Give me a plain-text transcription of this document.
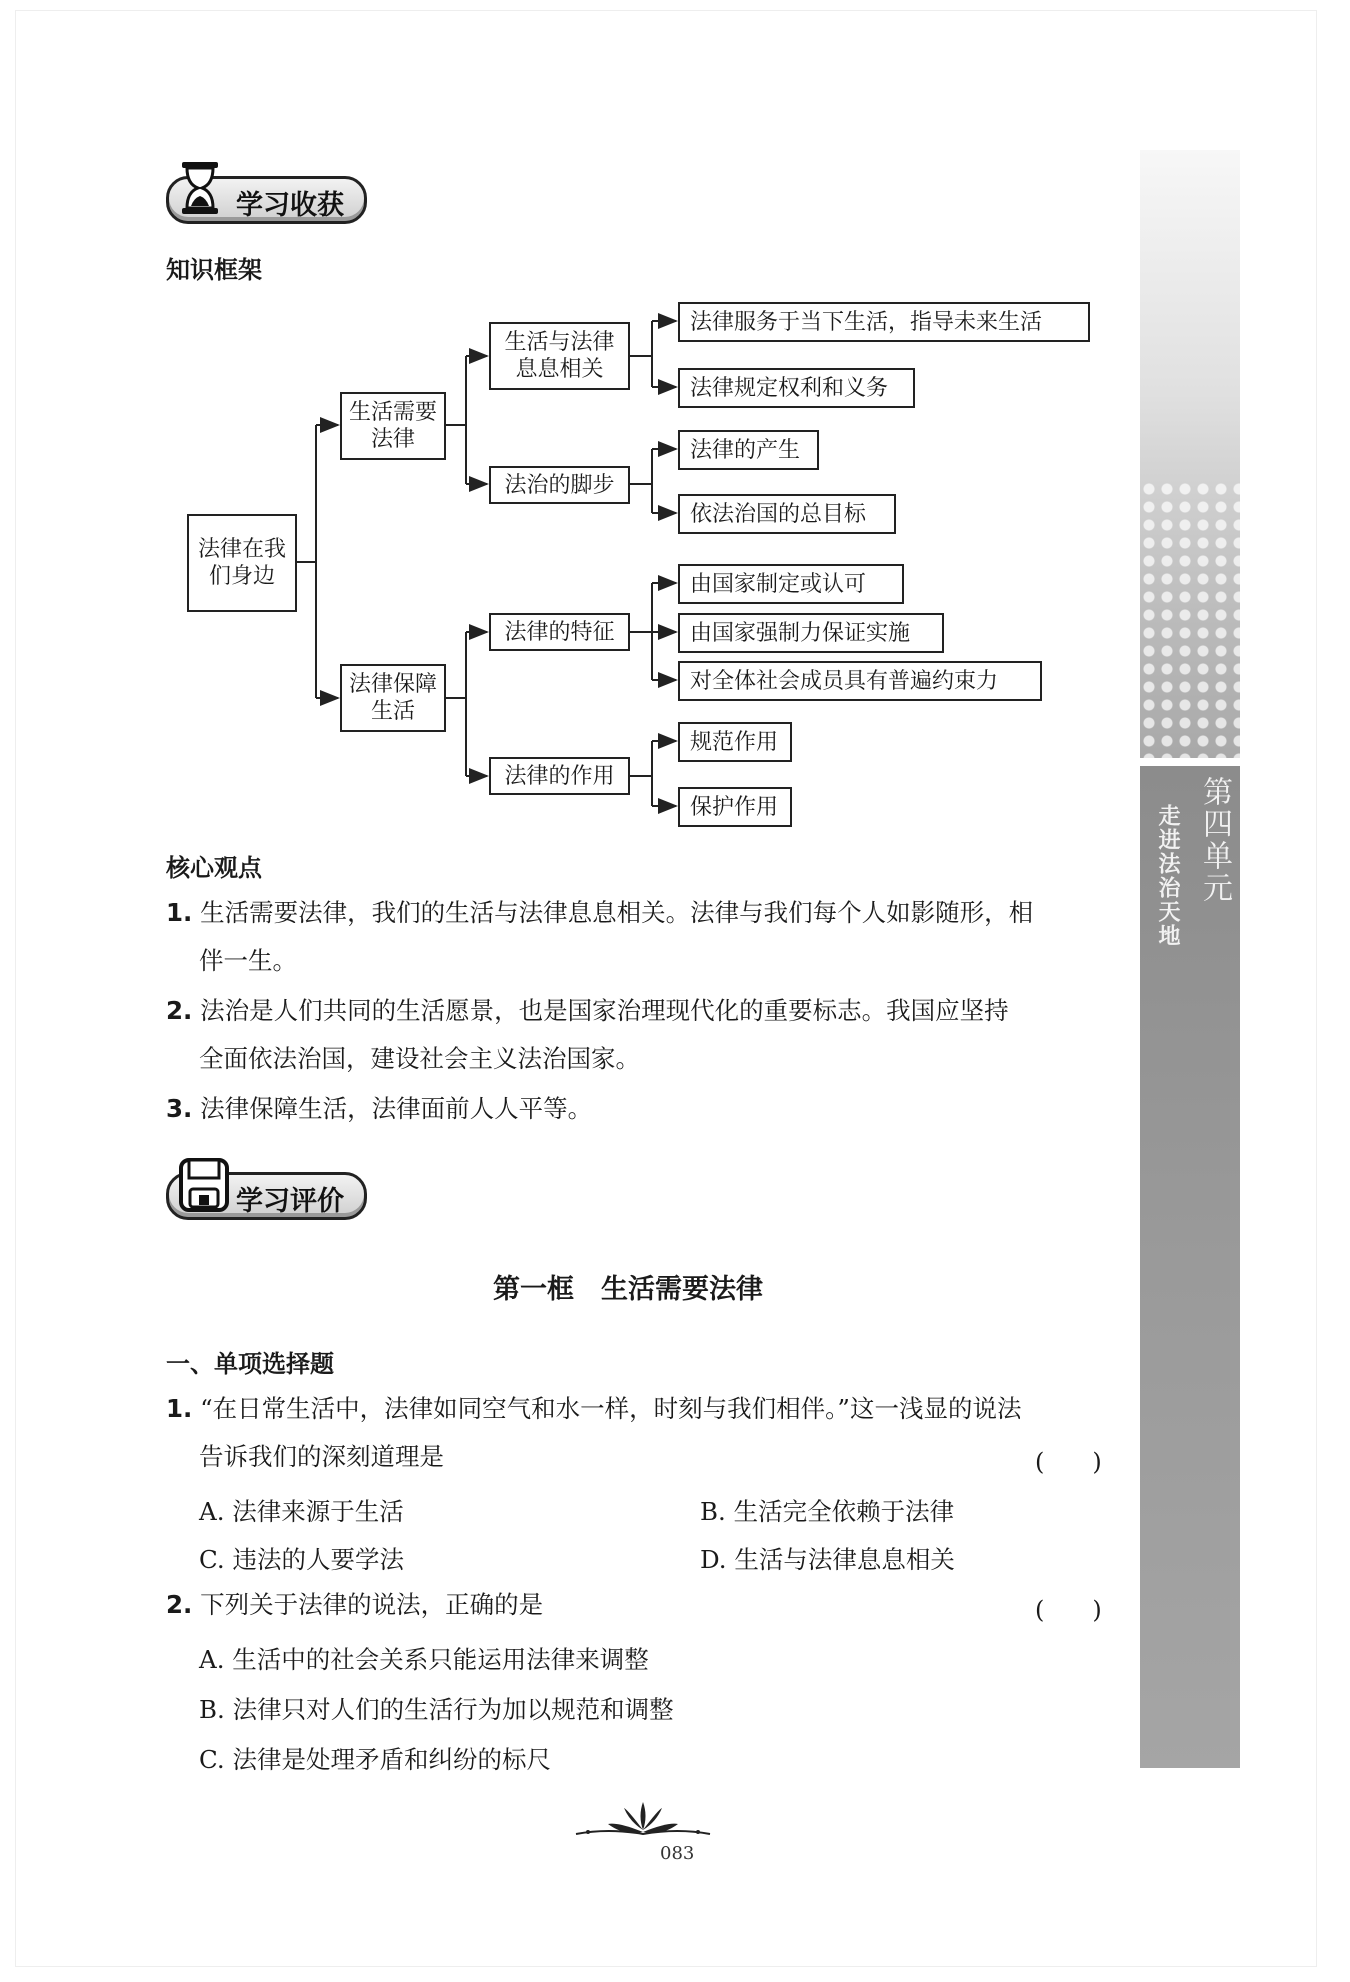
学习收获
知识框架
法律在我们身边
生活需要法律
法律保障生活
生活与法律息息相关
法治的脚步
法律的特征
法律的作用
法律服务于当下生活，指导未来生活
法律规定权利和义务
法律的产生
依法治国的总目标
由国家制定或认可
由国家强制力保证实施
对全体社会成员具有普遍约束力
规范作用
保护作用
核心观点
1. 生活需要法律，我们的生活与法律息息相关。法律与我们每个人如影随形，相
伴一生。
2. 法治是人们共同的生活愿景，也是国家治理现代化的重要标志。我国应坚持
全面依法治国，建设社会主义法治国家。
3. 法律保障生活，法律面前人人平等。
学习评价
第一框　生活需要法律
一、单项选择题
1. “在日常生活中，法律如同空气和水一样，时刻与我们相伴。”这一浅显的说法
告诉我们的深刻道理是	(　　)
A. 法律来源于生活	B. 生活完全依赖于法律
C. 违法的人要学法	D. 生活与法律息息相关
2. 下列关于法律的说法，正确的是	(　　)
A. 生活中的社会关系只能运用法律来调整
B. 法律只对人们的生活行为加以规范和调整
C. 法律是处理矛盾和纠纷的标尺
第四单元
走进法治天地
083
